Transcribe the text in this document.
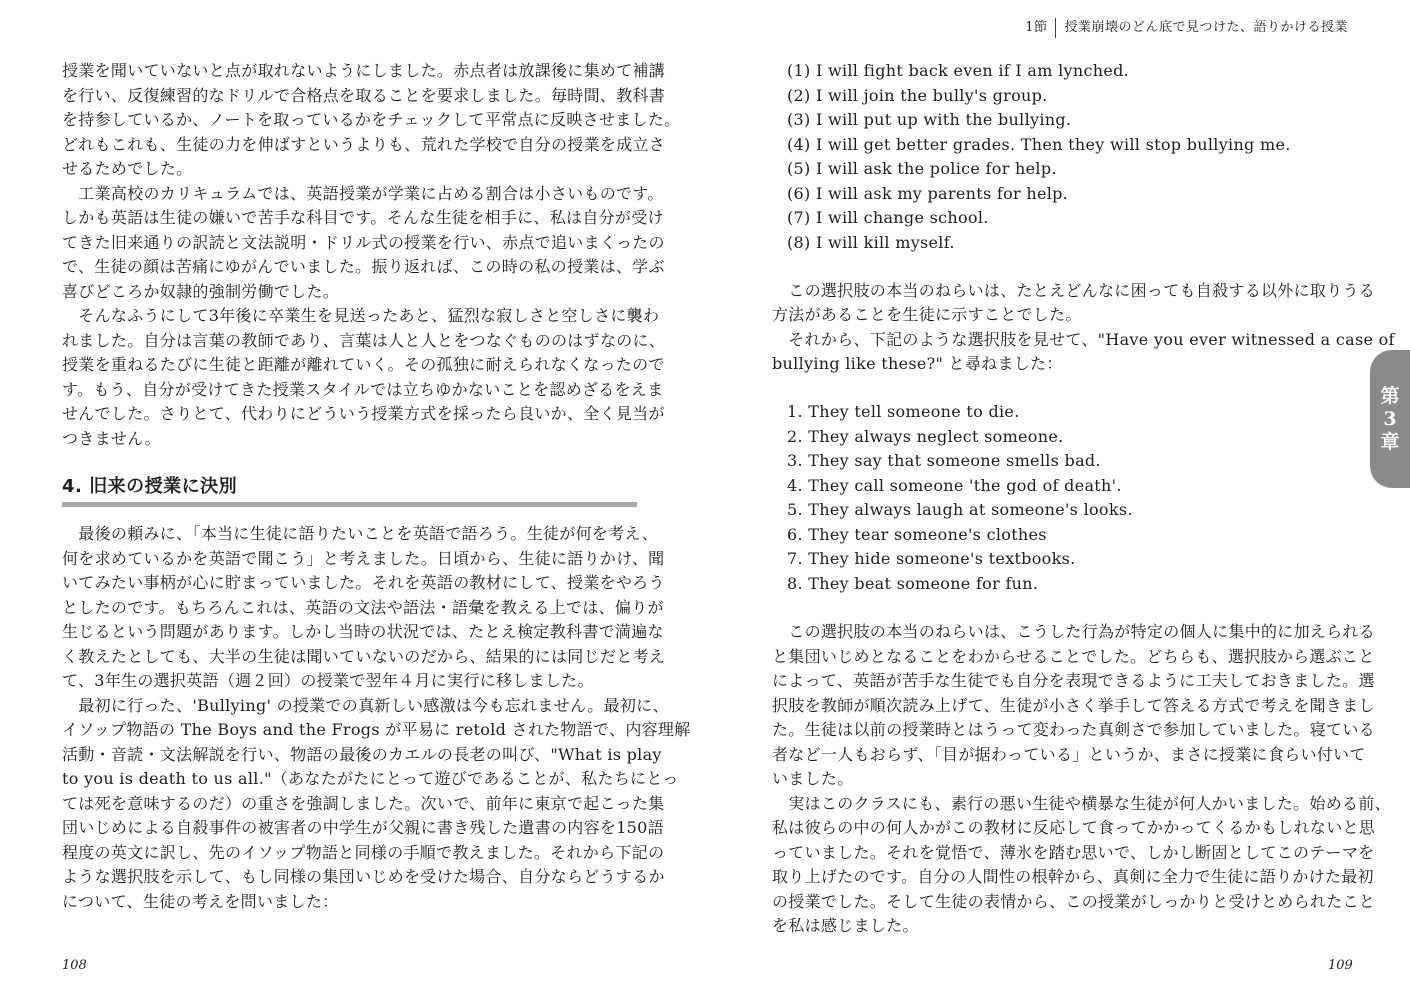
授業を聞いていないと点が取れないようにしました。赤点者は放課後に集めて補講
を行い、反復練習的なドリルで合格点を取ることを要求しました。毎時間、教科書
を持参しているか、ノートを取っているかをチェックして平常点に反映させました。
どれもこれも、生徒の力を伸ばすというよりも、荒れた学校で自分の授業を成立さ
せるためでした。
　工業高校のカリキュラムでは、英語授業が学業に占める割合は小さいものです。
しかも英語は生徒の嫌いで苦手な科目です。そんな生徒を相手に、私は自分が受け
てきた旧来通りの訳読と文法説明・ドリル式の授業を行い、赤点で追いまくったの
で、生徒の顔は苦痛にゆがんでいました。振り返れば、この時の私の授業は、学ぶ
喜びどころか奴隷的強制労働でした。
　そんなふうにして3年後に卒業生を見送ったあと、猛烈な寂しさと空しさに襲わ
れました。自分は言葉の教師であり、言葉は人と人とをつなぐもののはずなのに、
授業を重ねるたびに生徒と距離が離れていく。その孤独に耐えられなくなったので
す。もう、自分が受けてきた授業スタイルでは立ちゆかないことを認めざるをえま
せんでした。さりとて、代わりにどういう授業方式を採ったら良いか、全く見当が
つきません。
4. 旧来の授業に決別
　最後の頼みに、「本当に生徒に語りたいことを英語で語ろう。生徒が何を考え、
何を求めているかを英語で聞こう」と考えました。日頃から、生徒に語りかけ、聞
いてみたい事柄が心に貯まっていました。それを英語の教材にして、授業をやろう
としたのです。もちろんこれは、英語の文法や語法・語彙を教える上では、偏りが
生じるという問題があります。しかし当時の状況では、たとえ検定教科書で満遍な
く教えたとしても、大半の生徒は聞いていないのだから、結果的には同じだと考え
て、3年生の選択英語（週２回）の授業で翌年４月に実行に移しました。
　最初に行った、'Bullying' の授業での真新しい感激は今も忘れません。最初に、
イソップ物語の The Boys and the Frogs が平易に retold された物語で、内容理解
活動・音読・文法解説を行い、物語の最後のカエルの長老の叫び、"What is play
to you is death to us all."（あなたがたにとって遊びであることが、私たちにとっ
ては死を意味するのだ）の重さを強調しました。次いで、前年に東京で起こった集
団いじめによる自殺事件の被害者の中学生が父親に書き残した遺書の内容を150語
程度の英文に訳し、先のイソップ物語と同様の手順で教えました。それから下記の
ような選択肢を示して、もし同様の集団いじめを受けた場合、自分ならどうするか
について、生徒の考えを問いました：
108
1節 授業崩壊のどん底で見つけた、語りかける授業
(1) I will fight back even if I am lynched.
(2) I will join the bully's group.
(3) I will put up with the bullying.
(4) I will get better grades. Then they will stop bullying me.
(5) I will ask the police for help.
(6) I will ask my parents for help.
(7) I will change school.
(8) I will kill myself.
　この選択肢の本当のねらいは、たとえどんなに困っても自殺する以外に取りうる
方法があることを生徒に示すことでした。
　それから、下記のような選択肢を見せて、"Have you ever witnessed a case of
bullying like these?" と尋ねました：
1. They tell someone to die.
2. They always neglect someone.
3. They say that someone smells bad.
4. They call someone 'the god of death'.
5. They always laugh at someone's looks.
6. They tear someone's clothes
7. They hide someone's textbooks.
8. They beat someone for fun.
　この選択肢の本当のねらいは、こうした行為が特定の個人に集中的に加えられる
と集団いじめとなることをわからせることでした。どちらも、選択肢から選ぶこと
によって、英語が苦手な生徒でも自分を表現できるように工夫しておきました。選
択肢を教師が順次読み上げて、生徒が小さく挙手して答える方式で考えを聞きまし
た。生徒は以前の授業時とはうって変わった真剣さで参加していました。寝ている
者など一人もおらず、「目が据わっている」というか、まさに授業に食らい付いて
いました。
　実はこのクラスにも、素行の悪い生徒や横暴な生徒が何人かいました。始める前、
私は彼らの中の何人かがこの教材に反応して食ってかかってくるかもしれないと思
っていました。それを覚悟で、薄氷を踏む思いで、しかし断固としてこのテーマを
取り上げたのです。自分の人間性の根幹から、真剣に全力で生徒に語りかけた最初
の授業でした。そして生徒の表情から、この授業がしっかりと受けとめられたこと
を私は感じました。
109
第
3
章
